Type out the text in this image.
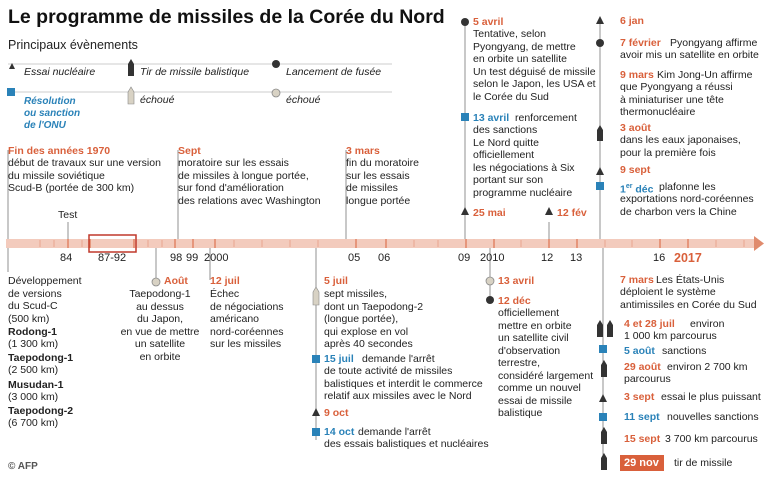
Le programme de missiles de la Corée du Nord
Principaux évènements
Essai nucléaire	Tir de missile balistique	Lancement de fusée
Résolution
ou sanction
de l'ONU
échoué	échoué
84 87-92	98 99 2000	05 06	09 2010	12 13	16 2017
Test
Fin des années 1970
début de travaux sur une version
du missile soviétique
Scud-B (portée de 300 km)
Sept
moratoire sur les essais
de missiles à longue portée,
sur fond d'amélioration
des relations avec Washington
3 mars
fin du moratoire
sur les essais
de missiles
longue portée
Développement
de versions
du Scud-C
(500 km)
Rodong-1
(1 300 km)
Taepodong-1
(2 500 km)
Musudan-1
(3 000 km)
Taepodong-2
(6 700 km)
Août
Taepodong-1
au dessus
du Japon,
en vue de mettre
un satellite
en orbite
12 juil
Échec
de négociations
américano
nord-coréennes
sur les missiles
5 juil
sept missiles,
dont un Taepodong-2
(longue portée),
qui explose en vol
après 40 secondes
15 juil demande l'arrêt
de toute activité de missiles
balistiques et interdit le commerce
relatif aux missiles avec le Nord
9 oct
14 oct demande l'arrêt
des essais balistiques et nucléaires
5 avril
Tentative, selon
Pyongyang, de mettre
en orbite un satellite
Un test déguisé de missile
selon le Japon, les USA et
le Corée du Sud
13 avril renforcement
des sanctions
Le Nord quitte
officiellement
les négociations à Six
portant sur son
programme nucléaire
25 mai	12 fév
13 avril
12 déc
officiellement
mettre en orbite
un satellite civil
d'observation
terrestre,
considéré largement
comme un nouvel
essai de missile
balistique
6 jan
7 février Pyongyang affirme
avoir mis un satellite en orbite
9 mars Kim Jong-Un affirme
que Pyongyang a réussi
à miniaturiser une tête
thermonucléaire
3 août
dans les eaux japonaises,
pour la première fois
9 sept
1er déc plafonne les
exportations nord-coréennes
de charbon vers la Chine
7 mars Les États-Unis
déploient le système
antimissiles en Corée du Sud
4 et 28 juil environ
1 000 km parcourus
5 août sanctions
29 août environ 2 700 km
parcourus
3 sept essai le plus puissant
11 sept nouvelles sanctions
15 sept 3 700 km parcourus
29 nov tir de missile
© AFP
